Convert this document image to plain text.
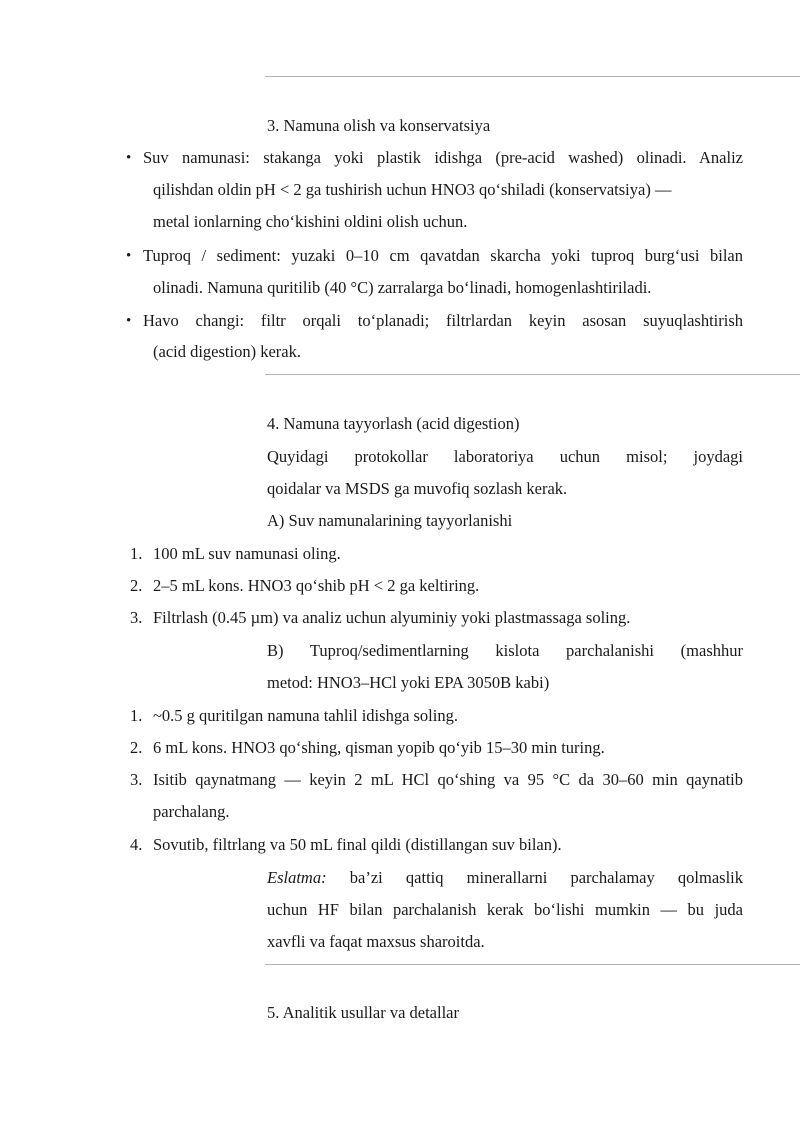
3. Namuna olish va konservatsiya
• Suv namunasi: stakanga yoki plastik idishga (pre-acid washed) olinadi. Analiz
qilishdan oldin pH < 2 ga tushirish uchun HNO3 qo‘shiladi (konservatsiya) —
metal ionlarning cho‘kishini oldini olish uchun.
• Tuproq / sediment: yuzaki 0–10 cm qavatdan skarcha yoki tuproq burg‘usi bilan
olinadi. Namuna quritilib (40 °C) zarralarga bo‘linadi, homogenlashtiriladi.
• Havo changi: filtr orqali to‘planadi; filtrlardan keyin asosan suyuqlashtirish
(acid digestion) kerak.
4. Namuna tayyorlash (acid digestion)
Quyidagi protokollar laboratoriya uchun misol; joydagi
qoidalar va MSDS ga muvofiq sozlash kerak.
A) Suv namunalarining tayyorlanishi
1. 100 mL suv namunasi oling.
2. 2–5 mL kons. HNO3 qo‘shib pH < 2 ga keltiring.
3. Filtrlash (0.45 µm) va analiz uchun alyuminiy yoki plastmassaga soling.
B) Tuproq/sedimentlarning kislota parchalanishi (mashhur
metod: HNO3–HCl yoki EPA 3050B kabi)
1. ~0.5 g quritilgan namuna tahlil idishga soling.
2. 6 mL kons. HNO3 qo‘shing, qisman yopib qo‘yib 15–30 min turing.
3. Isitib qaynatmang — keyin 2 mL HCl qo‘shing va 95 °C da 30–60 min qaynatib
parchalang.
4. Sovutib, filtrlang va 50 mL final qildi (distillangan suv bilan).
Eslatma: ba’zi qattiq minerallarni parchalamay qolmaslik
uchun HF bilan parchalanish kerak bo‘lishi mumkin — bu juda
xavfli va faqat maxsus sharoitda.
5. Analitik usullar va detallar
